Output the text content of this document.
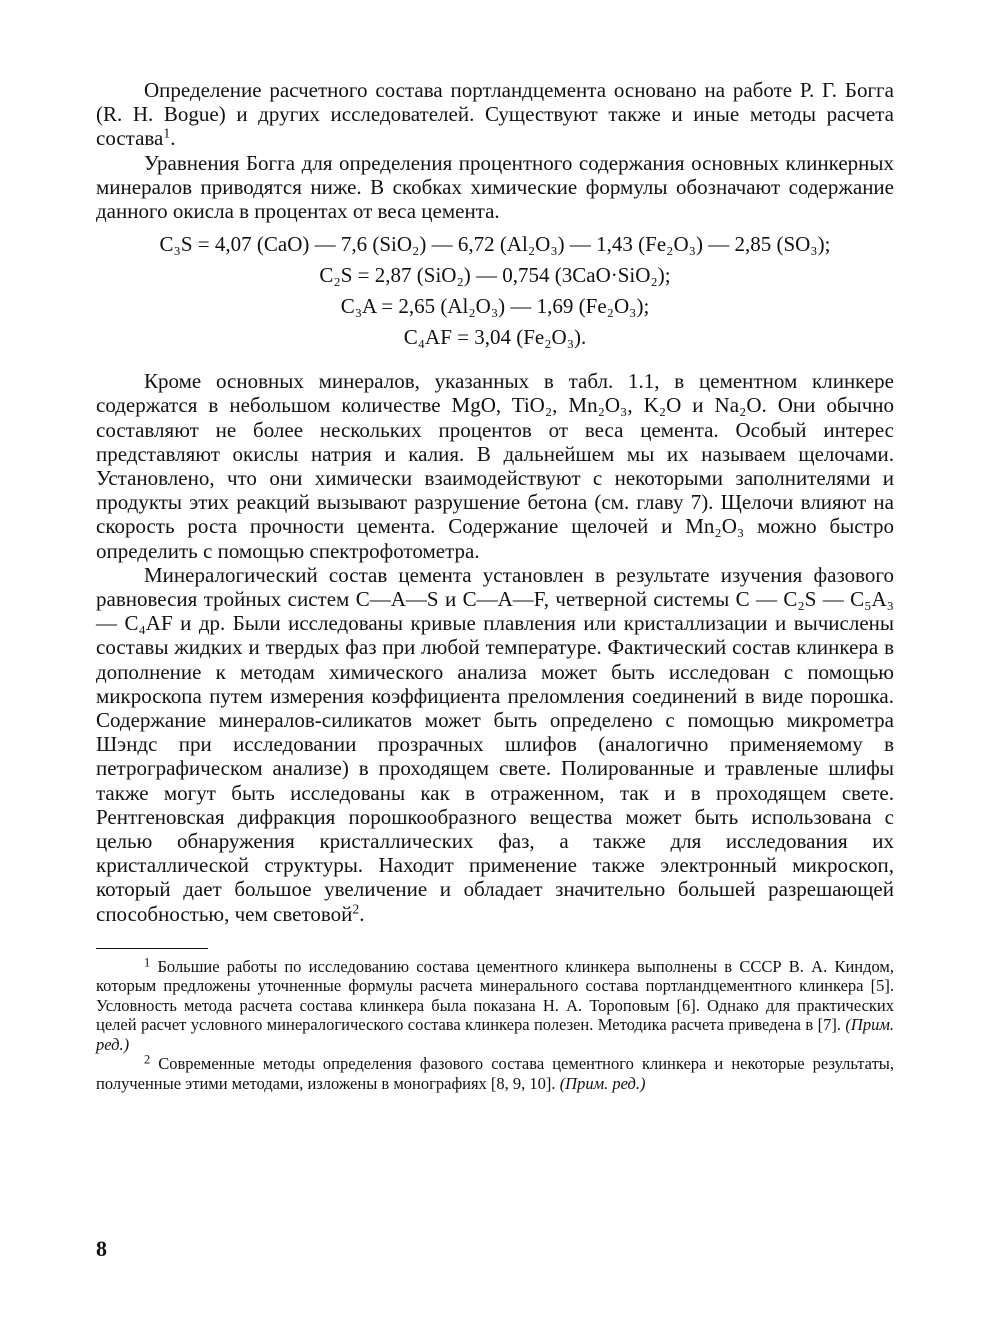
Определение расчетного состава портландцемента основано на работе Р. Г. Богга (R. H. Bogue) и других исследователей. Существуют также и иные методы расчета состава$^1$.

Уравнения Богга для определения процентного содержания основных клинкерных минералов приводятся ниже. В скобках химические формулы обозначают содержание данного окисла в процентах от веса цемента.

C₃S = 4,07 (CaO) — 7,6 (SiO₂) — 6,72 (Al₂O₃) — 1,43 (Fe₂O₃) — 2,85 (SO₃);
C₂S = 2,87 (SiO₂) — 0,754 (3CaO·SiO₂);
C₃A = 2,65 (Al₂O₃) — 1,69 (Fe₂O₃);
C₄AF = 3,04 (Fe₂O₃).

Кроме основных минералов, указанных в табл. 1.1, в цементном клинкере содержатся в небольшом количестве MgO, TiO₂, Mn₂O₃, K₂O и Na₂O. Они обычно составляют не более нескольких процентов от веса цемента. Особый интерес представляют окислы натрия и калия. В дальнейшем мы их называем щелочами. Установлено, что они химически взаимодействуют с некоторыми заполнителями и продукты этих реакций вызывают разрушение бетона (см. главу 7). Щелочи влияют на скорость роста прочности цемента. Содержание щелочей и Mn₂O₃ можно быстро определить с помощью спектрофотометра.

Минералогический состав цемента установлен в результате изучения фазового равновесия тройных систем C—A—S и C—A—F, четверной системы C — C₂S — C₅A₃ — C₄AF и др. Были исследованы кривые плавления или кристаллизации и вычислены составы жидких и твердых фаз при любой температуре. Фактический состав клинкера в дополнение к методам химического анализа может быть исследован с помощью микроскопа путем измерения коэффициента преломления соединений в виде порошка. Содержание минералов-силикатов может быть определено с помощью микрометра Шэндс при исследовании прозрачных шлифов (аналогично применяемому в петрографическом анализе) в проходящем свете. Полированные и травленые шлифы также могут быть исследованы как в отраженном, так и в проходящем свете. Рентгеновская дифракция порошкообразного вещества может быть использована с целью обнаружения кристаллических фаз, а также для исследования их кристаллической структуры. Находит применение также электронный микроскоп, который дает большое увеличение и обладает значительно большей разрешающей способностью, чем световой$^2$.

$^1$ Большие работы по исследованию состава цементного клинкера выполнены в СССР В. А. Киндом, которым предложены уточненные формулы расчета минерального состава портландцементного клинкера [5]. Условность метода расчета состава клинкера была показана Н. А. Тороповым [6]. Однако для практических целей расчет условного минералогического состава клинкера полезен. Методика расчета приведена в [7]. (Прим. ред.)

$^2$ Современные методы определения фазового состава цементного клинкера и некоторые результаты, полученные этими методами, изложены в монографиях [8, 9, 10]. (Прим. ред.)

8
